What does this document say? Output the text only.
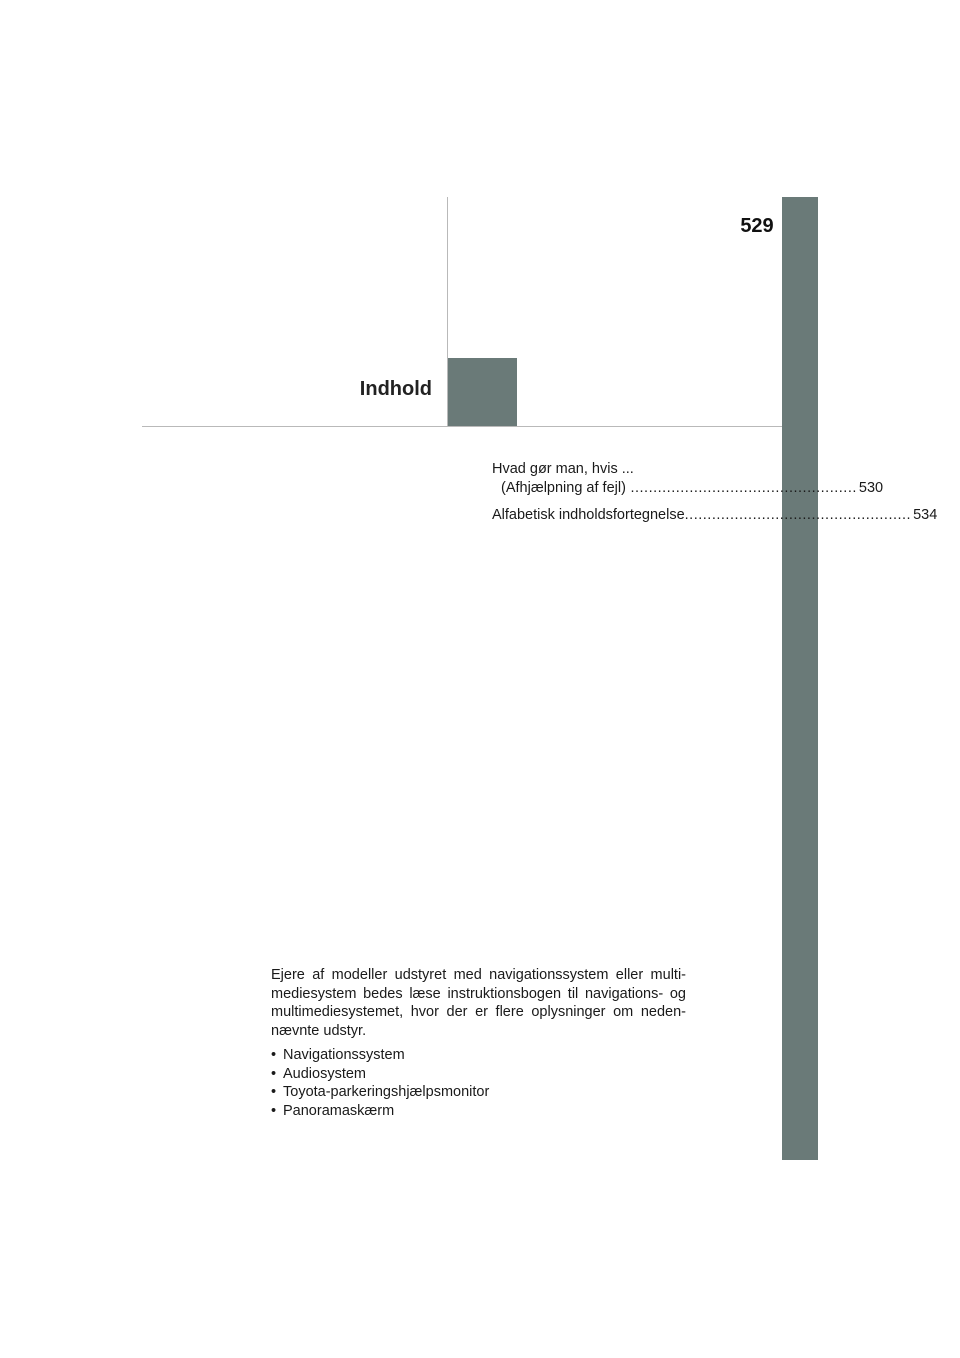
529
Indhold
Hvad gør man, hvis ...
(Afhjælpning af fejl) .................................................. 530
Alfabetisk indholdsfortegnelse .................................................. 534

Ejere af modeller udstyret med navigationssystem eller multi-mediesystem bedes læse instruktionsbogen til navigations- og multimediesystemet, hvor der er flere oplysninger om neden-nævnte udstyr.

• Navigationssystem
• Audiosystem
• Toyota-parkeringshjælpsmonitor
• Panoramaskærm
